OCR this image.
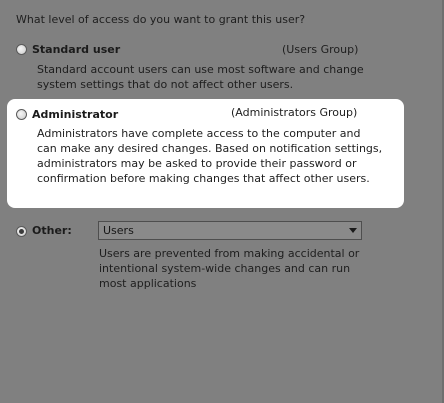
What level of access do you want to grant this user?
Standard user	(Users Group)
Standard account users can use most software and change
system settings that do not affect other users.
Administrator	(Administrators Group)
Administrators have complete access to the computer and
can make any desired changes. Based on notification settings,
administrators may be asked to provide their password or
confirmation before making changes that affect other users.
Other:	Users
Users are prevented from making accidental or
intentional system-wide changes and can run
most applications
